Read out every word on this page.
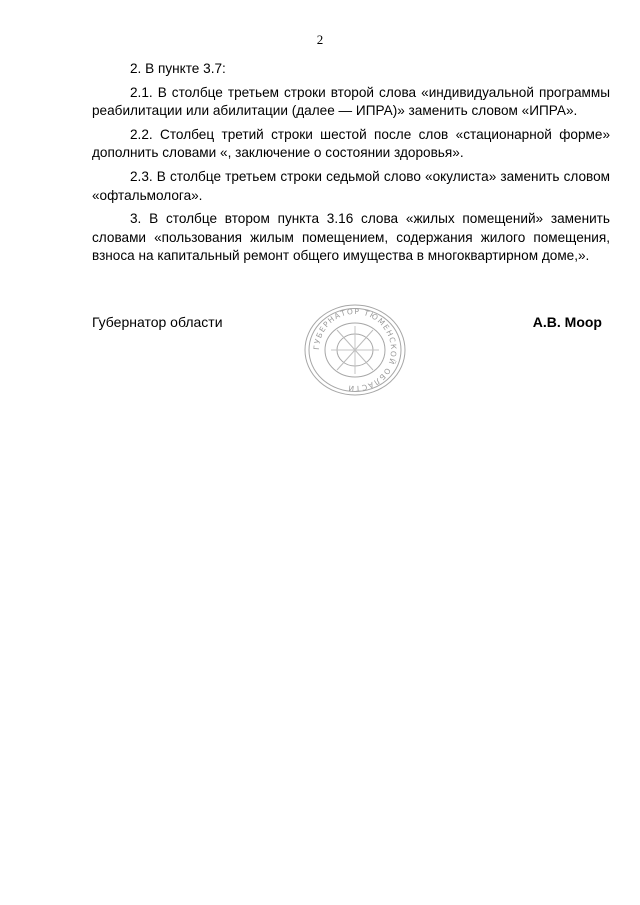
2

2. В пункте 3.7:

2.1. В столбце третьем строки второй слова «индивидуальной программы реабилитации или абилитации (далее — ИПРА)» заменить словом «ИПРА».

2.2. Столбец третий строки шестой после слов «стационарной форме» дополнить словами «, заключение о состоянии здоровья».

2.3. В столбце третьем строки седьмой слово «окулиста» заменить словом «офтальмолога».

3. В столбце втором пункта 3.16 слова «жилых помещений» заменить словами «пользования жилым помещением, содержания жилого помещения, взноса на капитальный ремонт общего имущества в многоквартирном доме,».

Губернатор области
ГУБЕРНАТОР ТЮМЕНСКОЙ ОБЛАСТИ
А.В. Моор
